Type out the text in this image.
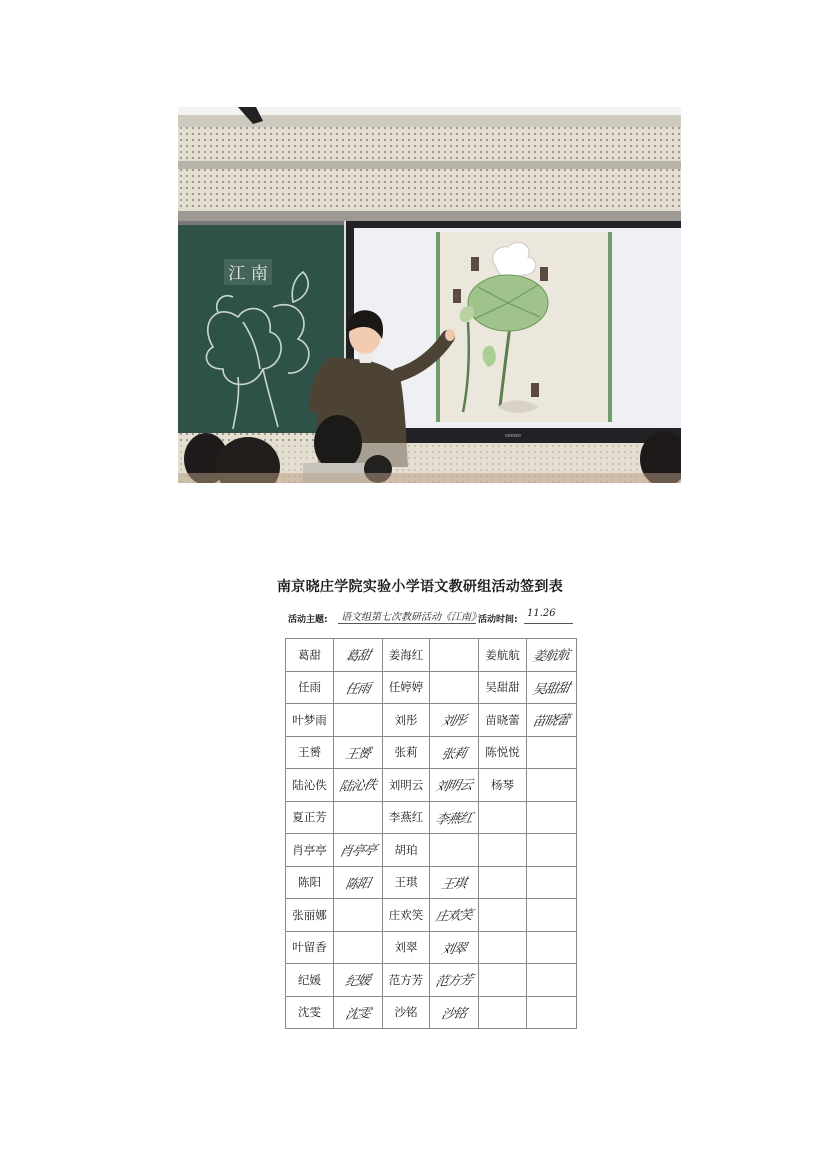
江 南
seewo
南京晓庄学院实验小学语文教研组活动签到表
活动主题:	语文组第七次教研活动《江南》
活动时间:
11.26
葛甜	葛甜	姜海红		姜航航	姜航航
任雨	任雨	任婷婷		吴甜甜	吴甜甜
叶梦雨		刘彤	刘彤	苗晓蕾	苗晓蕾
王赟	王赟	张莉	张莉	陈悦悦	
陆沁佚	陆沁佚	刘明云	刘明云	杨琴	
夏正芳		李燕红	李燕红		
肖亭亭	肖亭亭	胡珀			
陈阳	陈阳	王琪	王琪		
张丽娜		庄欢笑	庄欢笑		
叶留香		刘翠	刘翠		
纪媛	纪媛	范方芳	范方芳		
沈雯	沈雯	沙铭	沙铭		
